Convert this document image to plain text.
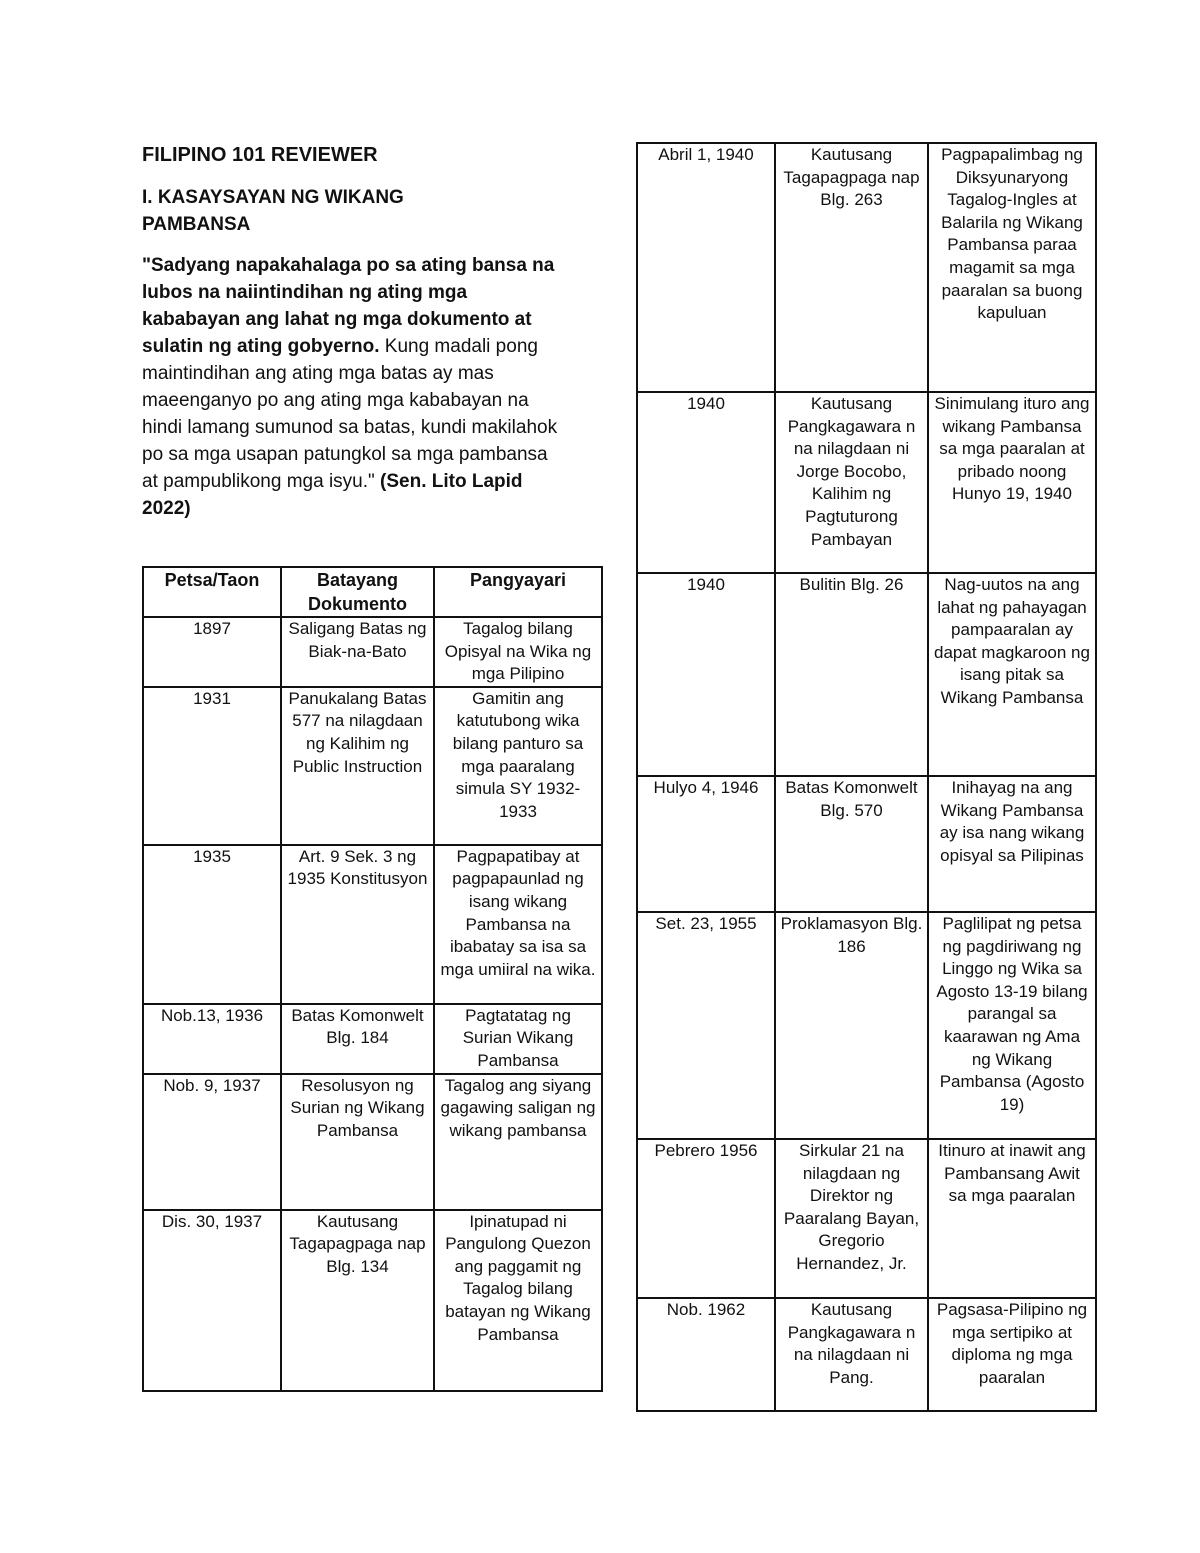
FILIPINO 101 REVIEWER
I. KASAYSAYAN NG WIKANG PAMBANSA

"Sadyang napakahalaga po sa ating bansa na lubos na naiintindihan ng ating mga kababayan ang lahat ng mga dokumento at sulatin ng ating gobyerno. Kung madali pong maintindihan ang ating mga batas ay mas maeenganyo po ang ating mga kababayan na hindi lamang sumunod sa batas, kundi makilahok po sa mga usapan patungkol sa mga pambansa at pampublikong mga isyu." (Sen. Lito Lapid 2022)

Petsa/Taon	Batayang Dokumento	Pangyayari
1897	Saligang Batas ng Biak-na-Bato	Tagalog bilang Opisyal na Wika ng mga Pilipino
1931	Panukalang Batas 577 na nilagdaan ng Kalihim ng Public Instruction	Gamitin ang katutubong wika bilang panturo sa mga paaralang simula SY 1932-1933
1935	Art. 9 Sek. 3 ng 1935 Konstitusyon	Pagpapatibay at pagpapaunlad ng isang wikang Pambansa na ibabatay sa isa sa mga umiiral na wika.
Nob.13, 1936	Batas Komonwelt Blg. 184	Pagtatatag ng Surian Wikang Pambansa
Nob. 9, 1937	Resolusyon ng Surian ng Wikang Pambansa	Tagalog ang siyang gagawing saligan ng wikang pambansa
Dis. 30, 1937	Kautusang Tagapagpaga nap Blg. 134	Ipinatupad ni Pangulong Quezon ang paggamit ng Tagalog bilang batayan ng Wikang Pambansa
Abril 1, 1940	Kautusang Tagapagpaga nap Blg. 263	Pagpapalimbag ng Diksyunaryong Tagalog-Ingles at Balarila ng Wikang Pambansa paraa magamit sa mga paaralan sa buong kapuluan
1940	Kautusang Pangkagawara n na nilagdaan ni Jorge Bocobo, Kalihim ng Pagtuturong Pambayan	Sinimulang ituro ang wikang Pambansa sa mga paaralan at pribado noong Hunyo 19, 1940
1940	Bulitin Blg. 26	Nag-uutos na ang lahat ng pahayagan pampaaralan ay dapat magkaroon ng isang pitak sa Wikang Pambansa
Hulyo 4, 1946	Batas Komonwelt Blg. 570	Inihayag na ang Wikang Pambansa ay isa nang wikang opisyal sa Pilipinas
Set. 23, 1955	Proklamasyon Blg. 186	Paglilipat ng petsa ng pagdiriwang ng Linggo ng Wika sa Agosto 13-19 bilang parangal sa kaarawan ng Ama ng Wikang Pambansa (Agosto 19)
Pebrero 1956	Sirkular 21 na nilagdaan ng Direktor ng Paaralang Bayan, Gregorio Hernandez, Jr.	Itinuro at inawit ang Pambansang Awit sa mga paaralan
Nob. 1962	Kautusang Pangkagawara n na nilagdaan ni Pang.	Pagsasa-Pilipino ng mga sertipiko at diploma ng mga paaralan
